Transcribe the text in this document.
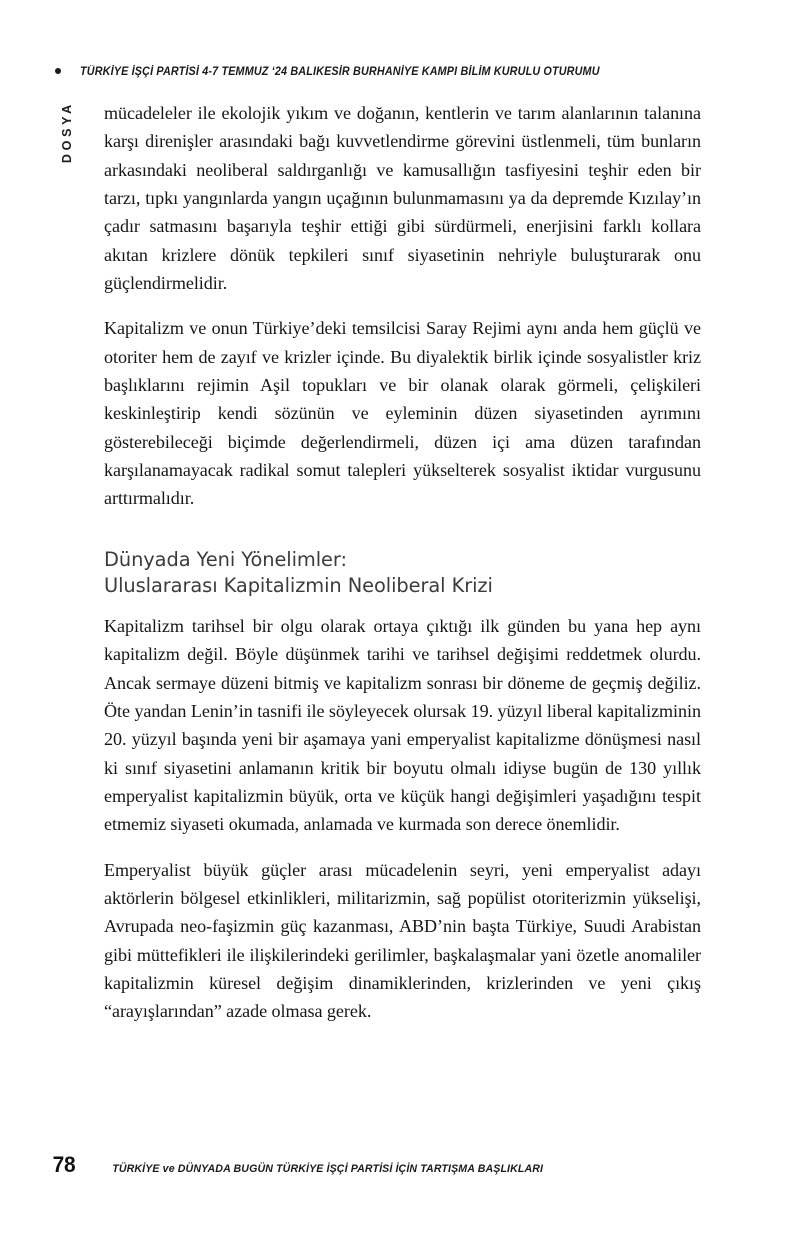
TÜRKİYE İŞÇİ PARTİSİ 4-7 TEMMUZ ‘24 BALIKESİR BURHANİYE KAMPI BİLİM KURULU OTURUMU
DOSYA mücadeleler ile ekolojik yıkım ve doğanın, kentlerin ve tarım alanlarının talanına karşı direnişler arasındaki bağı kuvvetlendirme görevini üstlenmeli, tüm bunların arkasındaki neoliberal saldırganlığı ve kamusallığın tasfiyesini teşhir eden bir tarzı, tıpkı yangınlarda yangın uçağının bulunmamasını ya da depremde Kızılay’ın çadır satmasını başarıyla teşhir ettiği gibi sürdürmeli, enerjisini farklı kollara akıtan krizlere dönük tepkileri sınıf siyasetinin nehriyle buluşturarak onu güçlendirmelidir.

Kapitalizm ve onun Türkiye’deki temsilcisi Saray Rejimi aynı anda hem güçlü ve otoriter hem de zayıf ve krizler içinde. Bu diyalektik birlik içinde sosyalistler kriz başlıklarını rejimin Aşil topukları ve bir olanak olarak görmeli, çelişkileri keskinleştirip kendi sözünün ve eyleminin düzen siyasetinden ayrımını gösterebileceği biçimde değerlendirmeli, düzen içi ama düzen tarafından karşılanamayacak radikal somut talepleri yükselterek sosyalist iktidar vurgusunu arttırmalıdır.

Dünyada Yeni Yönelimler:
Uluslararası Kapitalizmin Neoliberal Krizi

Kapitalizm tarihsel bir olgu olarak ortaya çıktığı ilk günden bu yana hep aynı kapitalizm değil. Böyle düşünmek tarihi ve tarihsel değişimi reddetmek olurdu. Ancak sermaye düzeni bitmiş ve kapitalizm sonrası bir döneme de geçmiş değiliz. Öte yandan Lenin’in tasnifi ile söyleyecek olursak 19. yüzyıl liberal kapitalizminin 20. yüzyıl başında yeni bir aşamaya yani emperyalist kapitalizme dönüşmesi nasıl ki sınıf siyasetini anlamanın kritik bir boyutu olmalı idiyse bugün de 130 yıllık emperyalist kapitalizmin büyük, orta ve küçük hangi değişimleri yaşadığını tespit etmemiz siyaseti okumada, anlamada ve kurmada son derece önemlidir.

Emperyalist büyük güçler arası mücadelenin seyri, yeni emperyalist adayı aktörlerin bölgesel etkinlikleri, militarizmin, sağ popülist otoriterizmin yükselişi, Avrupada neo-faşizmin güç kazanması, ABD’nin başta Türkiye, Suudi Arabistan gibi müttefikleri ile ilişkilerindeki gerilimler, başkalaşmalar yani özetle anomaliler kapitalizmin küresel değişim dinamiklerinden, krizlerinden ve yeni çıkış “arayışlarından” azade olmasa gerek.

78	TÜRKİYE ve DÜNYADA BUGÜN TÜRKİYE İŞÇİ PARTİSİ İÇİN TARTIŞMA BAŞLIKLARI
